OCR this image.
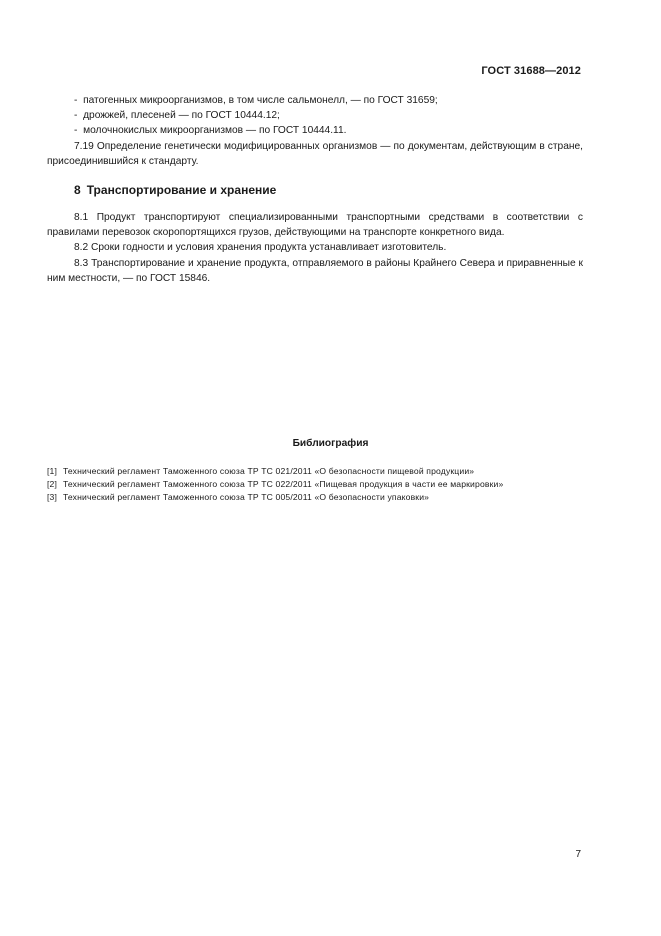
ГОСТ 31688—2012
- патогенных микроорганизмов, в том числе сальмонелл, — по ГОСТ 31659;
- дрожжей, плесеней — по ГОСТ 10444.12;
- молочнокислых микроорганизмов — по ГОСТ 10444.11.
7.19 Определение генетически модифицированных организмов — по документам, действующим в стране, присоединившийся к стандарту.
8 Транспортирование и хранение
8.1 Продукт транспортируют специализированными транспортными средствами в соответствии с правилами перевозок скоропортящихся грузов, действующими на транспорте конкретного вида.
8.2 Сроки годности и условия хранения продукта устанавливает изготовитель.
8.3 Транспортирование и хранение продукта, отправляемого в районы Крайнего Севера и приравненные к ним местности, — по ГОСТ 15846.
Библиография
[1] Технический регламент Таможенного союза ТР ТС 021/2011 «О безопасности пищевой продукции»
[2] Технический регламент Таможенного союза ТР ТС 022/2011 «Пищевая продукция в части ее маркировки»
[3] Технический регламент Таможенного союза ТР ТС 005/2011 «О безопасности упаковки»
7
